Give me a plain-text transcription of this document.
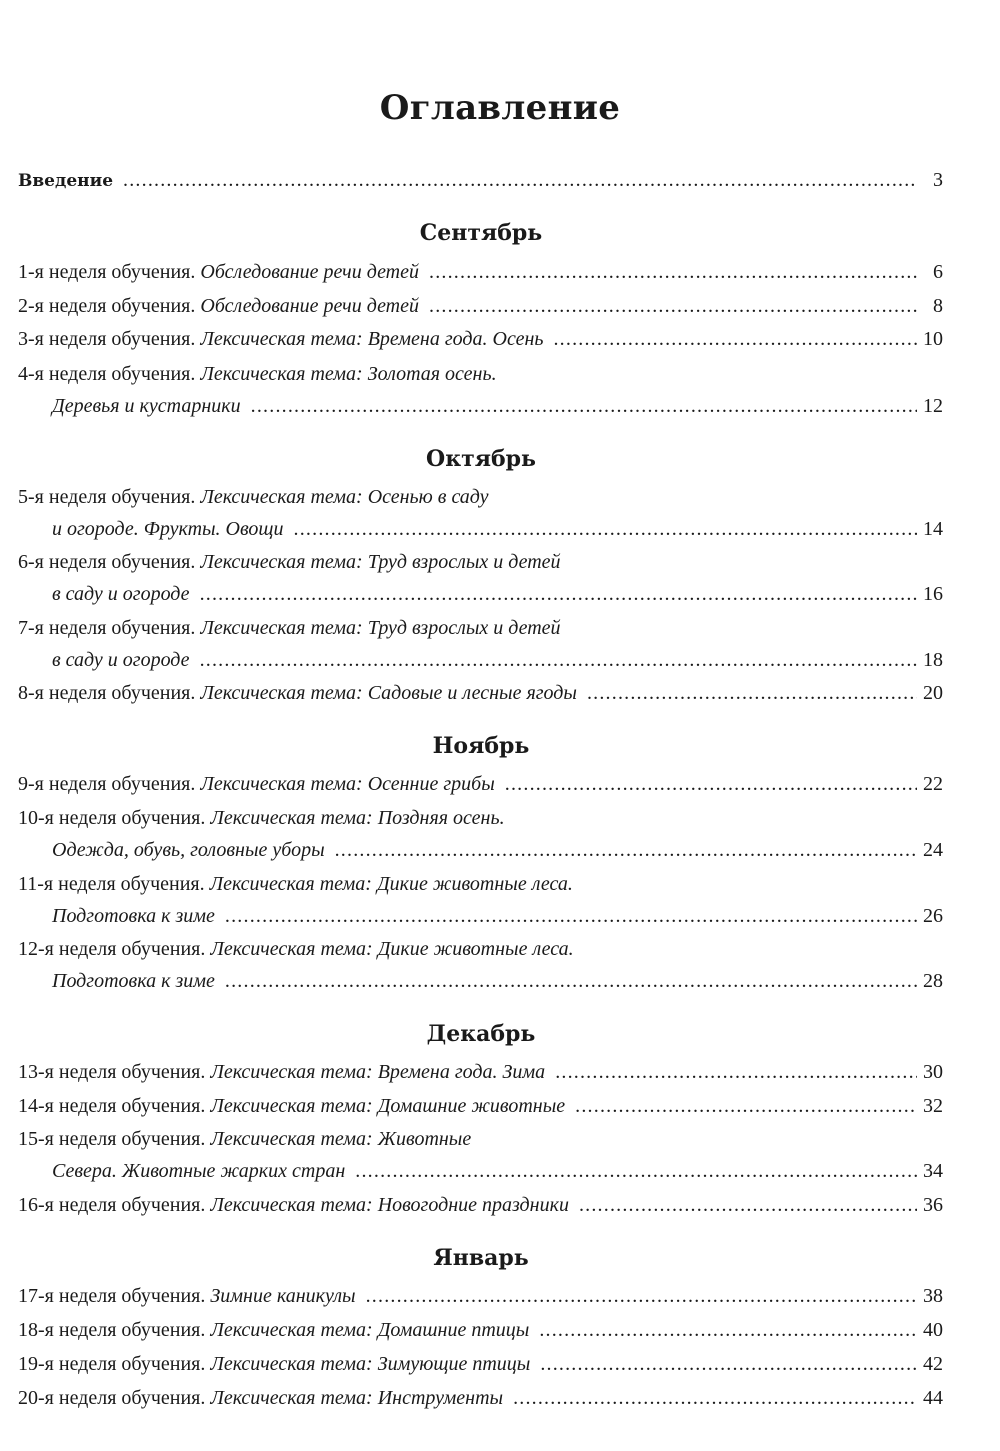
Оглавление
Введение .....	3
Сентябрь
1-я неделя обучения. Обследование речи детей .....	6
2-я неделя обучения. Обследование речи детей .....	8
3-я неделя обучения. Лексическая тема: Времена года. Осень .....	10
4-я неделя обучения. Лексическая тема: Золотая осень.
Деревья и кустарники .....	12
Октябрь
5-я неделя обучения. Лексическая тема: Осенью в саду
и огороде. Фрукты. Овощи .....	14
6-я неделя обучения. Лексическая тема: Труд взрослых и детей
в саду и огороде .....	16
7-я неделя обучения. Лексическая тема: Труд взрослых и детей
в саду и огороде .....	18
8-я неделя обучения. Лексическая тема: Садовые и лесные ягоды .....	20
Ноябрь
9-я неделя обучения. Лексическая тема: Осенние грибы .....	22
10-я неделя обучения. Лексическая тема: Поздняя осень.
Одежда, обувь, головные уборы .....	24
11-я неделя обучения. Лексическая тема: Дикие животные леса.
Подготовка к зиме .....	26
12-я неделя обучения. Лексическая тема: Дикие животные леса.
Подготовка к зиме .....	28
Декабрь
13-я неделя обучения. Лексическая тема: Времена года. Зима .....	30
14-я неделя обучения. Лексическая тема: Домашние животные .....	32
15-я неделя обучения. Лексическая тема: Животные
Севера. Животные жарких стран .....	34
16-я неделя обучения. Лексическая тема: Новогодние праздники .....	36
Январь
17-я неделя обучения. Зимние каникулы .....	38
18-я неделя обучения. Лексическая тема: Домашние птицы .....	40
19-я неделя обучения. Лексическая тема: Зимующие птицы .....	42
20-я неделя обучения. Лексическая тема: Инструменты .....	44
